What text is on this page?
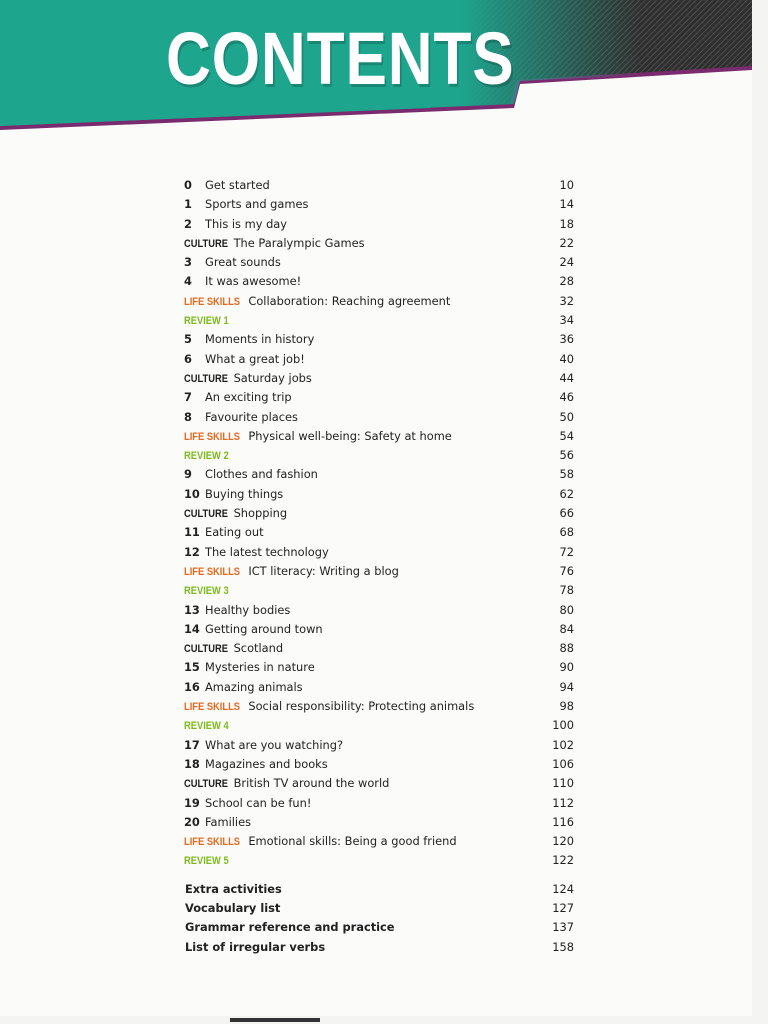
CONTENTS
0 Get started	10
1 Sports and games	14
2 This is my day	18
CULTURE The Paralympic Games	22
3 Great sounds	24
4 It was awesome!	28
LIFE SKILLS Collaboration: Reaching agreement	32
REVIEW 1	34
5 Moments in history	36
6 What a great job!	40
CULTURE Saturday jobs	44
7 An exciting trip	46
8 Favourite places	50
LIFE SKILLS Physical well-being: Safety at home	54
REVIEW 2	56
9 Clothes and fashion	58
10 Buying things	62
CULTURE Shopping	66
11 Eating out	68
12 The latest technology	72
LIFE SKILLS ICT literacy: Writing a blog	76
REVIEW 3	78
13 Healthy bodies	80
14 Getting around town	84
CULTURE Scotland	88
15 Mysteries in nature	90
16 Amazing animals	94
LIFE SKILLS Social responsibility: Protecting animals	98
REVIEW 4	100
17 What are you watching?	102
18 Magazines and books	106
CULTURE British TV around the world	110
19 School can be fun!	112
20 Families	116
LIFE SKILLS Emotional skills: Being a good friend	120
REVIEW 5	122
Extra activities	124
Vocabulary list	127
Grammar reference and practice	137
List of irregular verbs	158
